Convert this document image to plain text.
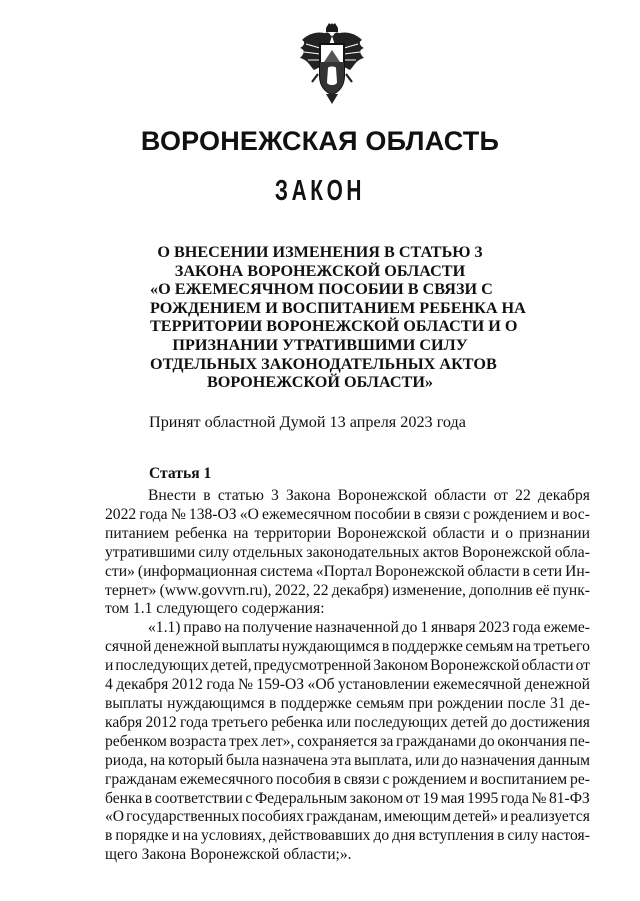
ВОРОНЕЖСКАЯ ОБЛАСТЬ
ЗАКОН
О ВНЕСЕНИИ ИЗМЕНЕНИЯ В СТАТЬЮ 3
ЗАКОНА ВОРОНЕЖСКОЙ ОБЛАСТИ
«О ЕЖЕМЕСЯЧНОМ ПОСОБИИ В СВЯЗИ С
РОЖДЕНИЕМ И ВОСПИТАНИЕМ РЕБЕНКА НА
ТЕРРИТОРИИ ВОРОНЕЖСКОЙ ОБЛАСТИ И О
ПРИЗНАНИИ УТРАТИВШИМИ СИЛУ
ОТДЕЛЬНЫХ ЗАКОНОДАТЕЛЬНЫХ АКТОВ
ВОРОНЕЖСКОЙ ОБЛАСТИ»
Принят областной Думой 13 апреля 2023 года
Статья 1
Внести в статью 3 Закона Воронежской области от 22 декабря
2022 года № 138-ОЗ «О ежемесячном пособии в связи с рождением и вос-
питанием ребенка на территории Воронежской области и о признании
утратившими силу отдельных законодательных актов Воронежской обла-
сти» (информационная система «Портал Воронежской области в сети Ин-
тернет» (www.govvrn.ru), 2022, 22 декабря) изменение, дополнив её пунк-
том 1.1 следующего содержания:
«1.1) право на получение назначенной до 1 января 2023 года ежеме-
сячной денежной выплаты нуждающимся в поддержке семьям на третьего
и последующих детей, предусмотренной Законом Воронежской области от
4 декабря 2012 года № 159-ОЗ «Об установлении ежемесячной денежной
выплаты нуждающимся в поддержке семьям при рождении после 31 де-
кабря 2012 года третьего ребенка или последующих детей до достижения
ребенком возраста трех лет», сохраняется за гражданами до окончания пе-
риода, на который была назначена эта выплата, или до назначения данным
гражданам ежемесячного пособия в связи с рождением и воспитанием ре-
бенка в соответствии с Федеральным законом от 19 мая 1995 года № 81-ФЗ
«О государственных пособиях гражданам, имеющим детей» и реализуется
в порядке и на условиях, действовавших до дня вступления в силу настоя-
щего Закона Воронежской области;».
